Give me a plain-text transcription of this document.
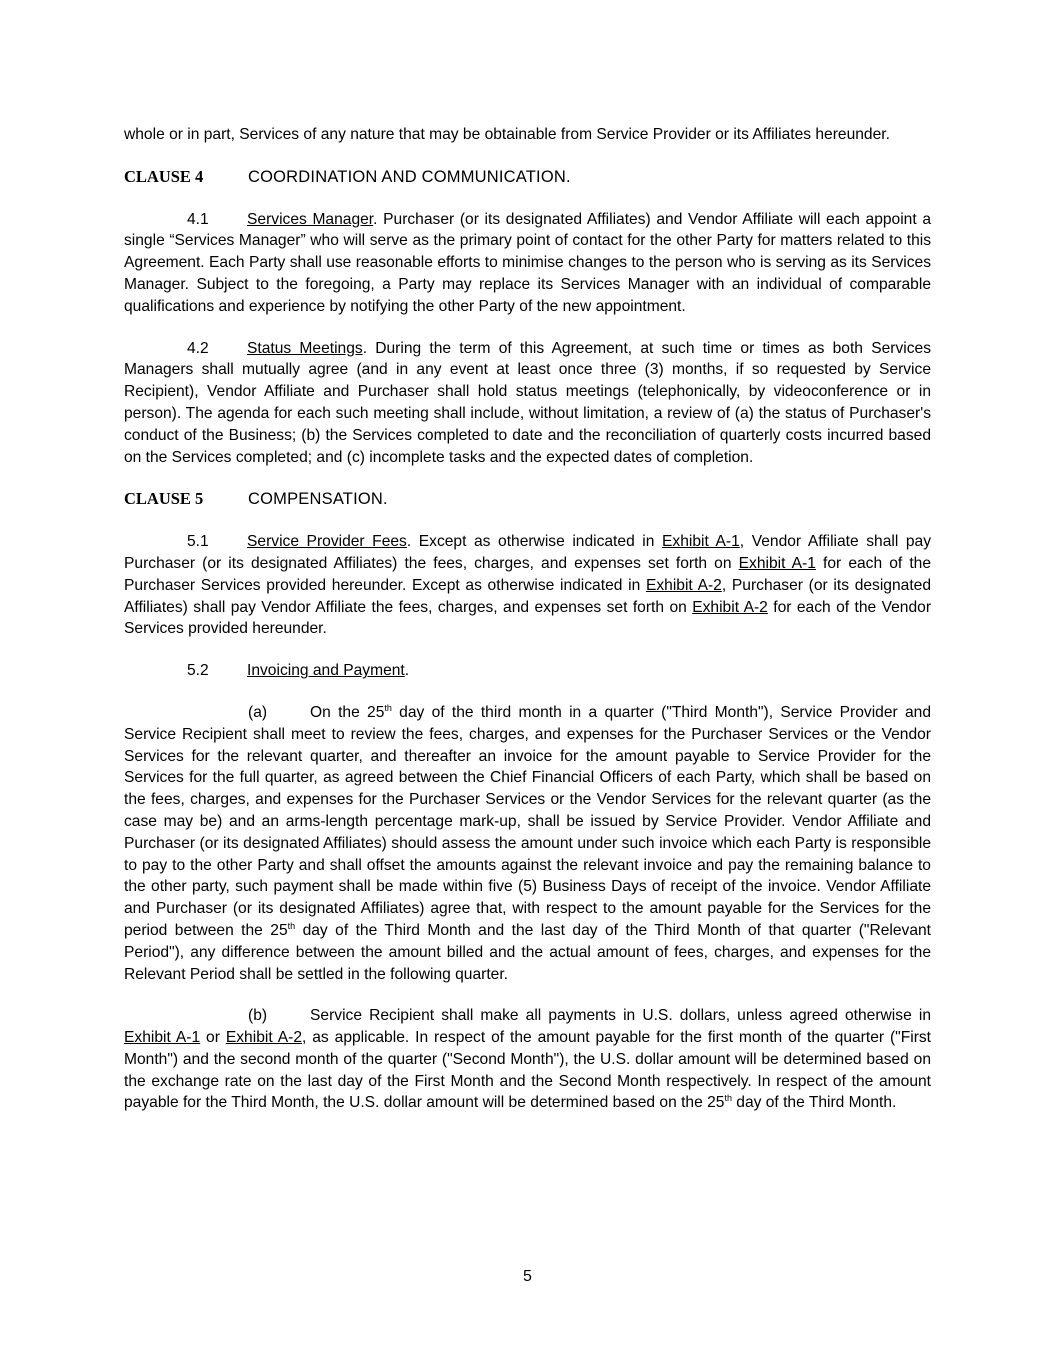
whole or in part, Services of any nature that may be obtainable from Service Provider or its Affiliates hereunder.

CLAUSE 4	COORDINATION AND COMMUNICATION.

4.1 Services Manager. Purchaser (or its designated Affiliates) and Vendor Affiliate will each appoint a single “Services Manager” who will serve as the primary point of contact for the other Party for matters related to this Agreement. Each Party shall use reasonable efforts to minimise changes to the person who is serving as its Services Manager. Subject to the foregoing, a Party may replace its Services Manager with an individual of comparable qualifications and experience by notifying the other Party of the new appointment.

4.2 Status Meetings. During the term of this Agreement, at such time or times as both Services Managers shall mutually agree (and in any event at least once three (3) months, if so requested by Service Recipient), Vendor Affiliate and Purchaser shall hold status meetings (telephonically, by videoconference or in person). The agenda for each such meeting shall include, without limitation, a review of (a) the status of Purchaser's conduct of the Business; (b) the Services completed to date and the reconciliation of quarterly costs incurred based on the Services completed; and (c) incomplete tasks and the expected dates of completion.

CLAUSE 5	COMPENSATION.

5.1 Service Provider Fees. Except as otherwise indicated in Exhibit A-1, Vendor Affiliate shall pay Purchaser (or its designated Affiliates) the fees, charges, and expenses set forth on Exhibit A-1 for each of the Purchaser Services provided hereunder. Except as otherwise indicated in Exhibit A-2, Purchaser (or its designated Affiliates) shall pay Vendor Affiliate the fees, charges, and expenses set forth on Exhibit A-2 for each of the Vendor Services provided hereunder.

5.2 Invoicing and Payment.

(a)	On the 25th day of the third month in a quarter ("Third Month"), Service Provider and Service Recipient shall meet to review the fees, charges, and expenses for the Purchaser Services or the Vendor Services for the relevant quarter, and thereafter an invoice for the amount payable to Service Provider for the Services for the full quarter, as agreed between the Chief Financial Officers of each Party, which shall be based on the fees, charges, and expenses for the Purchaser Services or the Vendor Services for the relevant quarter (as the case may be) and an arms-length percentage mark-up, shall be issued by Service Provider. Vendor Affiliate and Purchaser (or its designated Affiliates) should assess the amount under such invoice which each Party is responsible to pay to the other Party and shall offset the amounts against the relevant invoice and pay the remaining balance to the other party, such payment shall be made within five (5) Business Days of receipt of the invoice. Vendor Affiliate and Purchaser (or its designated Affiliates) agree that, with respect to the amount payable for the Services for the period between the 25th day of the Third Month and the last day of the Third Month of that quarter ("Relevant Period"), any difference between the amount billed and the actual amount of fees, charges, and expenses for the Relevant Period shall be settled in the following quarter.

(b)	Service Recipient shall make all payments in U.S. dollars, unless agreed otherwise in Exhibit A-1 or Exhibit A-2, as applicable. In respect of the amount payable for the first month of the quarter ("First Month") and the second month of the quarter ("Second Month"), the U.S. dollar amount will be determined based on the exchange rate on the last day of the First Month and the Second Month respectively. In respect of the amount payable for the Third Month, the U.S. dollar amount will be determined based on the 25th day of the Third Month.

5
